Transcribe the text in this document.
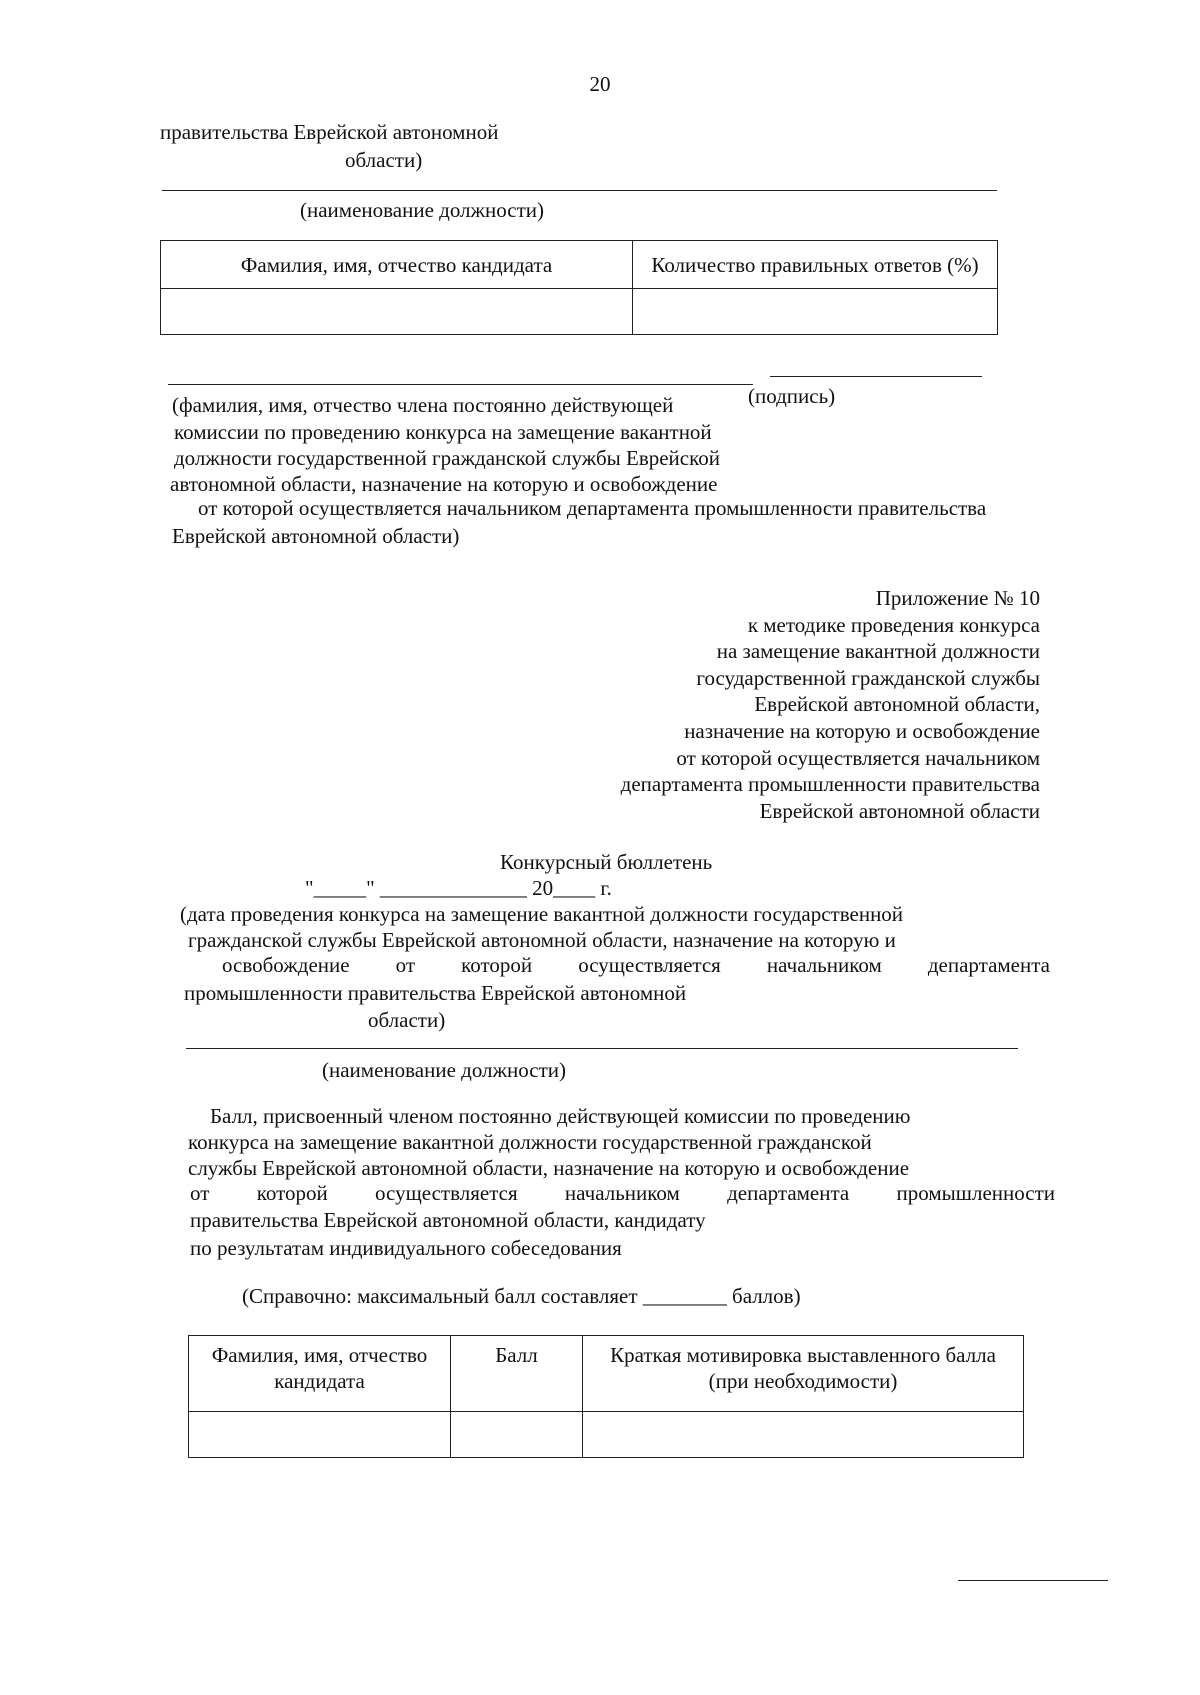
20
правительства Еврейской автономной
области)
(наименование должности)
Фамилия, имя, отчество кандидата	Количество правильных ответов (%)

(фамилия, имя, отчество члена постоянно действующей	(подпись)
комиссии по проведению конкурса на замещение вакантной
должности государственной гражданской службы Еврейской
автономной области, назначение на которую и освобождение
от которой осуществляется начальником департамента промышленности правительства
Еврейской автономной области)
Приложение № 10
к методике проведения конкурса
на замещение вакантной должности
государственной гражданской службы
Еврейской автономной области,
назначение на которую и освобождение
от которой осуществляется начальником
департамента промышленности правительства
Еврейской автономной области
Конкурсный бюллетень
"_____" ______________ 20____ г.
(дата проведения конкурса на замещение вакантной должности государственной
гражданской службы Еврейской автономной области, назначение на которую и
освобождение от которой осуществляется начальником департамента
промышленности правительства Еврейской автономной
области)
(наименование должности)
Балл, присвоенный членом постоянно действующей комиссии по проведению
конкурса на замещение вакантной должности государственной гражданской
службы Еврейской автономной области, назначение на которую и освобождение
от которой осуществляется начальником департамента промышленности
правительства Еврейской автономной области, кандидату
по результатам индивидуального собеседования
(Справочно: максимальный балл составляет ________ баллов)
Фамилия, имя, отчество кандидата	Балл	Краткая мотивировка выставленного балла (при необходимости)
